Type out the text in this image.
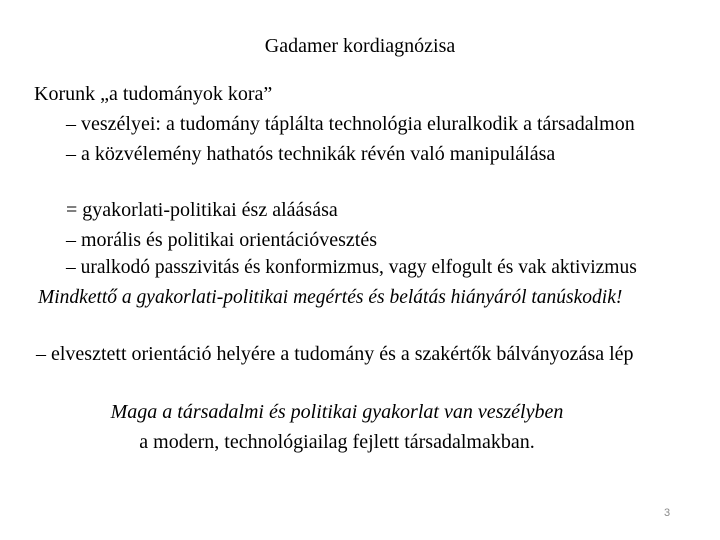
Gadamer kordiagnózisa
Korunk „a tudományok kora”
– veszélyei: a tudomány táplálta technológia eluralkodik a társadalmon
– a közvélemény hathatós technikák révén való manipulálása
= gyakorlati-politikai ész aláásása
– morális és politikai orientációvesztés
– uralkodó passzivitás és konformizmus, vagy elfogult és vak aktivizmus
Mindkettő a gyakorlati-politikai megértés és belátás hiányáról tanúskodik!
– elvesztett orientáció helyére a tudomány és a szakértők bálványozása lép
Maga a társadalmi és politikai gyakorlat van veszélyben
a modern, technológiailag fejlett társadalmakban.
3
